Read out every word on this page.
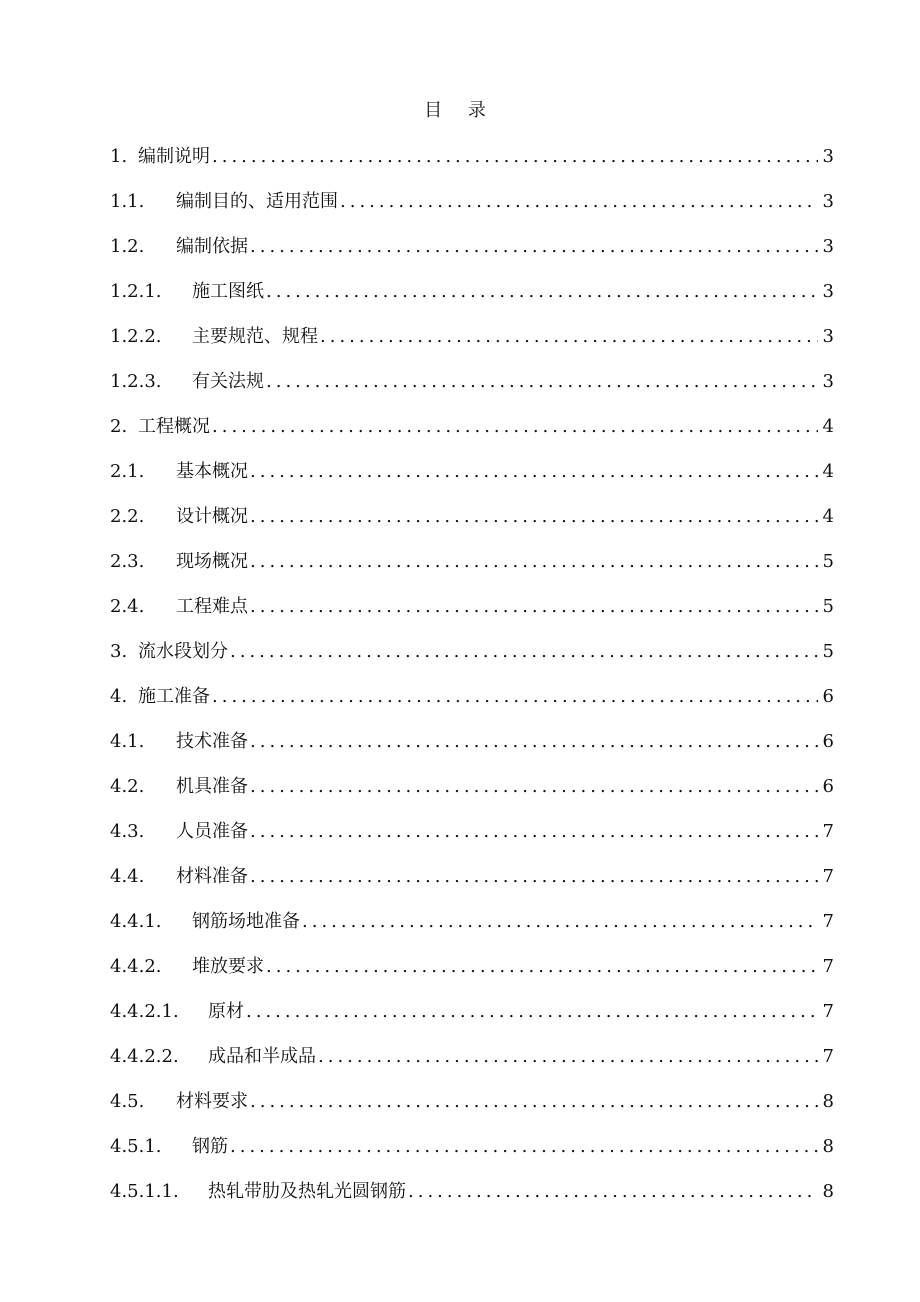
目 录
1. 编制说明 .....	3
1.1.	编制目的、适用范围 .....	3
1.2.	编制依据 .....	3
1.2.1.	施工图纸 .....	3
1.2.2.	主要规范、规程 .....	3
1.2.3.	有关法规 .....	3
2. 工程概况 .....	4
2.1.	基本概况 .....	4
2.2.	设计概况 .....	4
2.3.	现场概况 .....	5
2.4.	工程难点 .....	5
3. 流水段划分 .....	5
4. 施工准备 .....	6
4.1.	技术准备 .....	6
4.2.	机具准备 .....	6
4.3.	人员准备 .....	7
4.4.	材料准备 .....	7
4.4.1.	钢筋场地准备 .....	7
4.4.2.	堆放要求 .....	7
4.4.2.1.	原材 .....	7
4.4.2.2.	成品和半成品 .....	7
4.5.	材料要求 .....	8
4.5.1.	钢筋 .....	8
4.5.1.1.	热轧带肋及热轧光圆钢筋 .....	8
